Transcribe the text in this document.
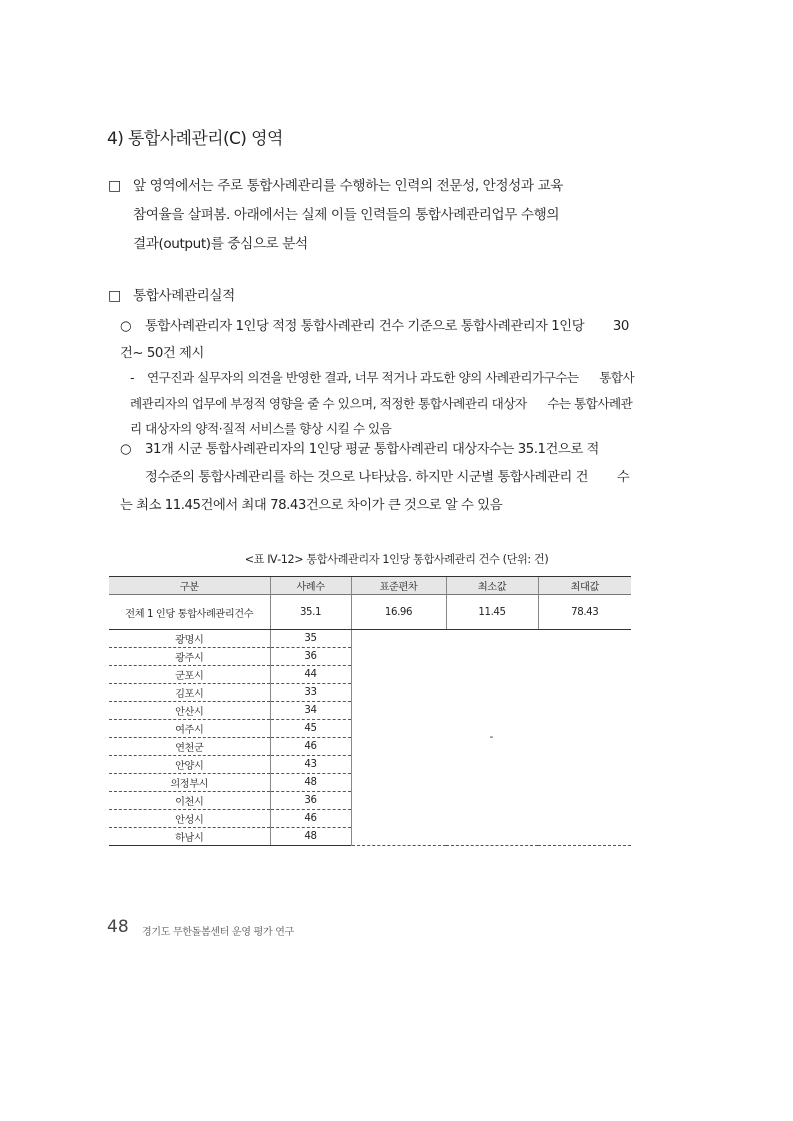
4) 통합사례관리(C) 영역
□ 앞 영역에서는 주로 통합사례관리를 수행하는 인력의 전문성, 안정성과 교육
참여율을 살펴봄. 아래에서는 실제 이들 인력들의 통합사례관리업무 수행의
결과(output)를 중심으로 분석
□ 통합사례관리실적
○ 통합사례관리자 1인당 적정 통합사례관리 건수 기준으로 통합사례관리자 1인당 30건~ 50건 제시
- 연구진과 실무자의 의견을 반영한 결과, 너무 적거나 과도한 양의 사례관리가구수는 통합사례관리자의 업무에 부정적 영향을 줄 수 있으며, 적정한 통합사례관리 대상자 수는 통합사례관리 대상자의 양적·질적 서비스를 향상 시킬 수 있음
○ 31개 시군 통합사례관리자의 1인당 평균 통합사례관리 대상자수는 35.1건으로 적 정수준의 통합사례관리를 하는 것으로 나타났음. 하지만 시군별 통합사례관리 건 수는 최소 11.45건에서 최대 78.43건으로 차이가 큰 것으로 알 수 있음
<표 Ⅳ-12> 통합사례관리자 1인당 통합사례관리 건수 (단위: 건)
구분	사례수	표준편차	최소값	최대값
전체 1 인당 통합사례관리건수	35.1	16.96	11.45	78.43
광명시	35	-		
광주시	36			
군포시	44			
김포시	33			
안산시	34			
여주시	45			
연천군	46			
안양시	43			
의정부시	48			
이천시	36			
안성시	46			
하남시	48			
48 경기도 무한돌봄센터 운영 평가 연구
